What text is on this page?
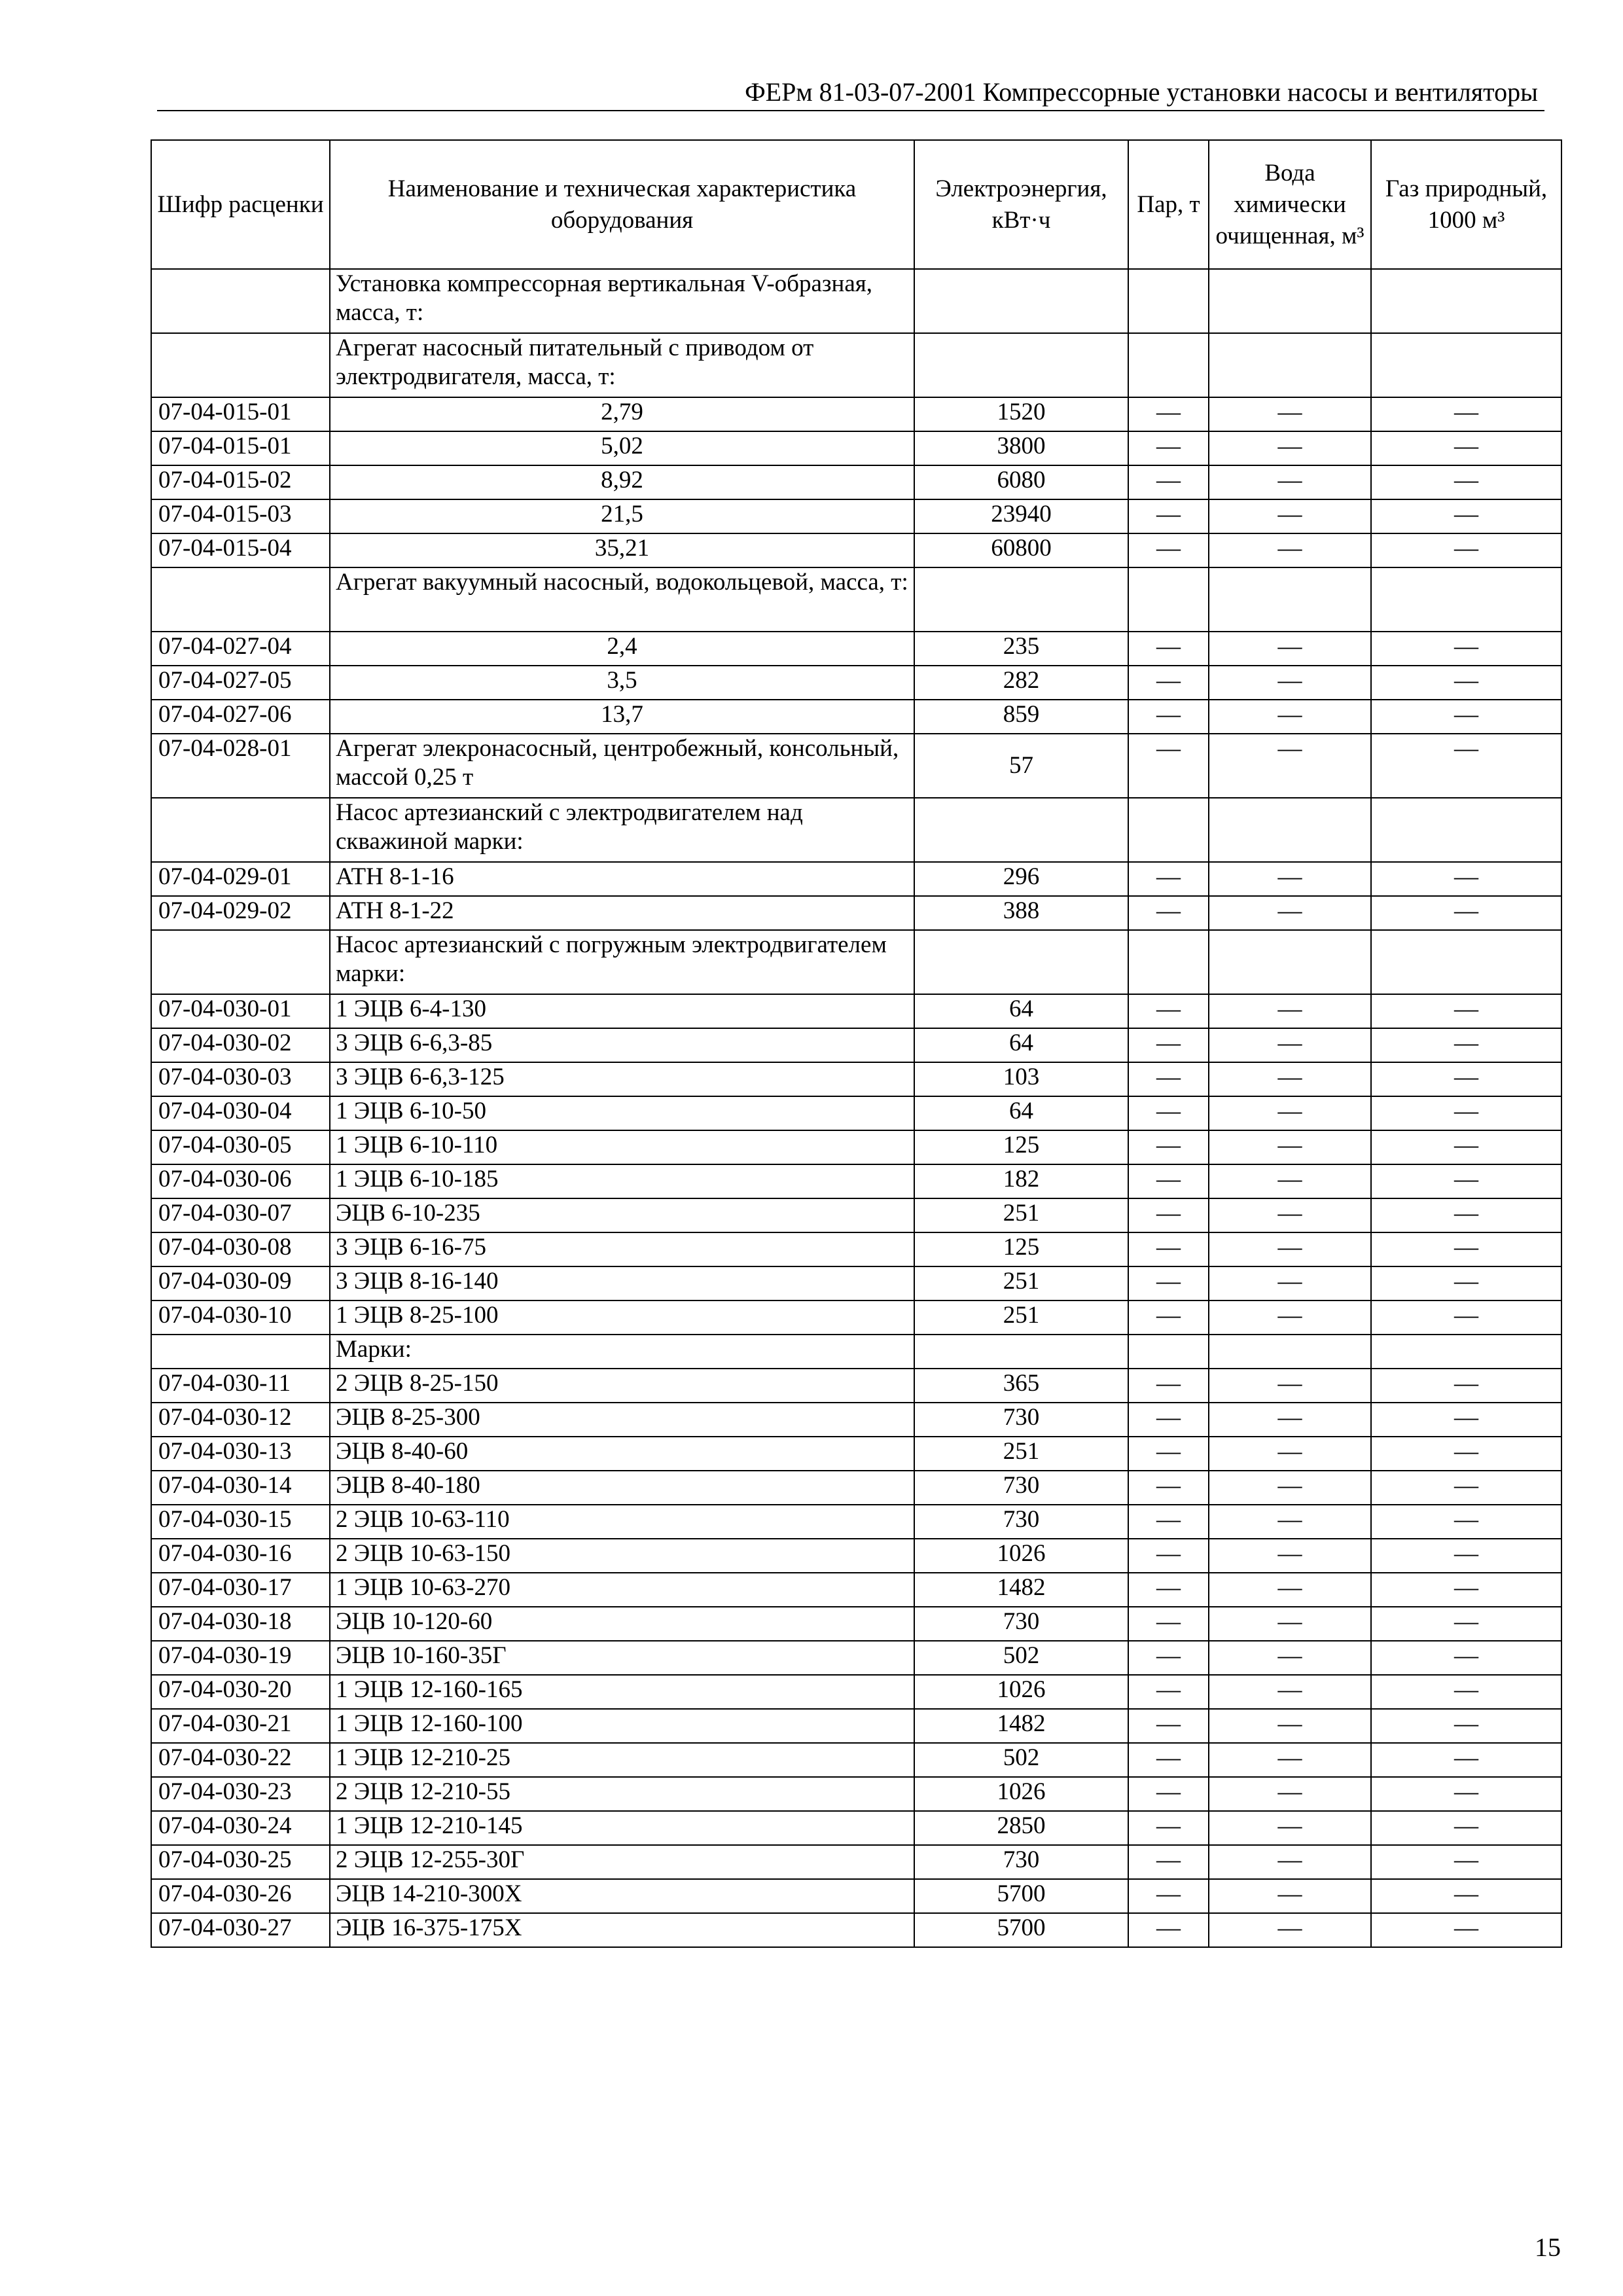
ФЕРм 81-03-07-2001 Компрессорные установки насосы и вентиляторы
Шифр расценки	Наименование и техническая характеристика оборудования	Электроэнергия, кВт·ч	Пар, т	Вода химически очищенная, м³	Газ природный, 1000 м³
	Установка компрессорная вертикальная V-образная, масса, т:				
	Агрегат насосный питательный с приводом от электродвигателя, масса, т:				
07-04-015-01	2,79	1520	—	—	—
07-04-015-01	5,02	3800	—	—	—
07-04-015-02	8,92	6080	—	—	—
07-04-015-03	21,5	23940	—	—	—
07-04-015-04	35,21	60800	—	—	—
	Агрегат вакуумный насосный, водокольцевой, масса, т:				
07-04-027-04	2,4	235	—	—	—
07-04-027-05	3,5	282	—	—	—
07-04-027-06	13,7	859	—	—	—
07-04-028-01	Агрегат элекронасосный, центробежный, консольный, массой 0,25 т	57	—	—	—
	Насос артезианский с электродвигателем над скважиной марки:				
07-04-029-01	АТН 8-1-16	296	—	—	—
07-04-029-02	АТН 8-1-22	388	—	—	—
	Насос артезианский с погружным электродвигателем марки:				
07-04-030-01	1 ЭЦВ 6-4-130	64	—	—	—
07-04-030-02	3 ЭЦВ 6-6,3-85	64	—	—	—
07-04-030-03	3 ЭЦВ 6-6,3-125	103	—	—	—
07-04-030-04	1 ЭЦВ 6-10-50	64	—	—	—
07-04-030-05	1 ЭЦВ 6-10-110	125	—	—	—
07-04-030-06	1 ЭЦВ 6-10-185	182	—	—	—
07-04-030-07	ЭЦВ 6-10-235	251	—	—	—
07-04-030-08	3 ЭЦВ 6-16-75	125	—	—	—
07-04-030-09	3 ЭЦВ 8-16-140	251	—	—	—
07-04-030-10	1 ЭЦВ 8-25-100	251	—	—	—
	Марки:				
07-04-030-11	2 ЭЦВ 8-25-150	365	—	—	—
07-04-030-12	ЭЦВ 8-25-300	730	—	—	—
07-04-030-13	ЭЦВ 8-40-60	251	—	—	—
07-04-030-14	ЭЦВ 8-40-180	730	—	—	—
07-04-030-15	2 ЭЦВ 10-63-110	730	—	—	—
07-04-030-16	2 ЭЦВ 10-63-150	1026	—	—	—
07-04-030-17	1 ЭЦВ 10-63-270	1482	—	—	—
07-04-030-18	ЭЦВ 10-120-60	730	—	—	—
07-04-030-19	ЭЦВ 10-160-35Г	502	—	—	—
07-04-030-20	1 ЭЦВ 12-160-165	1026	—	—	—
07-04-030-21	1 ЭЦВ 12-160-100	1482	—	—	—
07-04-030-22	1 ЭЦВ 12-210-25	502	—	—	—
07-04-030-23	2 ЭЦВ 12-210-55	1026	—	—	—
07-04-030-24	1 ЭЦВ 12-210-145	2850	—	—	—
07-04-030-25	2 ЭЦВ 12-255-30Г	730	—	—	—
07-04-030-26	ЭЦВ 14-210-300Х	5700	—	—	—
07-04-030-27	ЭЦВ 16-375-175Х	5700	—	—	—
15
